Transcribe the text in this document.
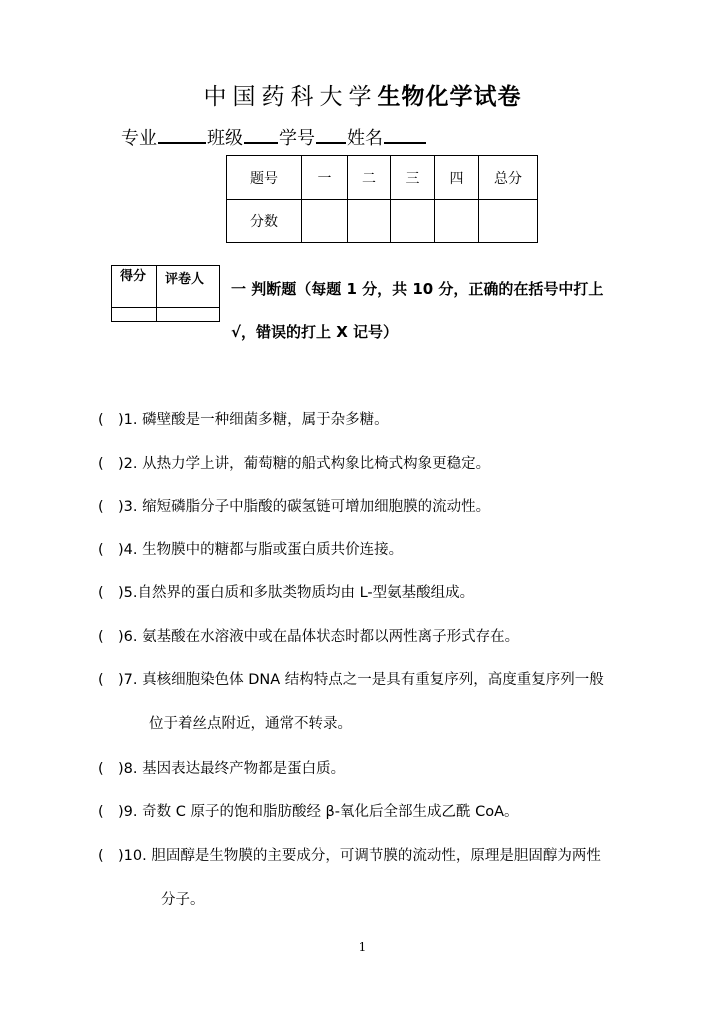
中国药科大学生物化学试卷
专业	班级 学号 姓名
题号	一	二	三	四	总分
分数					
得分	评卷人

一 判断题（每题 1 分，共 10 分，正确的在括号中打上
√，错误的打上 X 记号）
( )1. 磷壁酸是一种细菌多糖，属于杂多糖。
( )2. 从热力学上讲，葡萄糖的船式构象比椅式构象更稳定。
( )3. 缩短磷脂分子中脂酸的碳氢链可增加细胞膜的流动性。
( )4. 生物膜中的糖都与脂或蛋白质共价连接。
( )5.自然界的蛋白质和多肽类物质均由 L-型氨基酸组成。
( )6. 氨基酸在水溶液中或在晶体状态时都以两性离子形式存在。
( )7. 真核细胞染色体 DNA 结构特点之一是具有重复序列，高度重复序列一般
位于着丝点附近，通常不转录。
( )8. 基因表达最终产物都是蛋白质。
( )9. 奇数 C 原子的饱和脂肪酸经 β-氧化后全部生成乙酰 CoA。
( )10. 胆固醇是生物膜的主要成分，可调节膜的流动性，原理是胆固醇为两性
分子。
1
